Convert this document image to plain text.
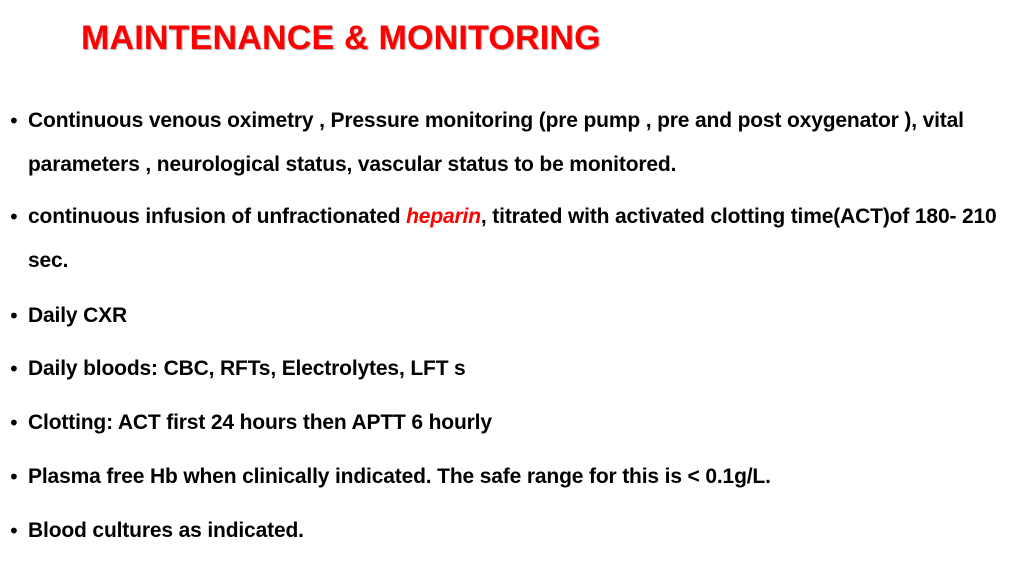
MAINTENANCE & MONITORING
• Continuous venous oximetry , Pressure monitoring (pre pump , pre and post oxygenator ), vital parameters , neurological status, vascular status to be monitored.
• continuous infusion of unfractionated heparin, titrated with activated clotting time(ACT)of 180- 210 sec.
• Daily CXR
• Daily bloods: CBC, RFTs, Electrolytes, LFT s
• Clotting: ACT first 24 hours then APTT 6 hourly
• Plasma free Hb when clinically indicated. The safe range for this is < 0.1g/L.
• Blood cultures as indicated.
